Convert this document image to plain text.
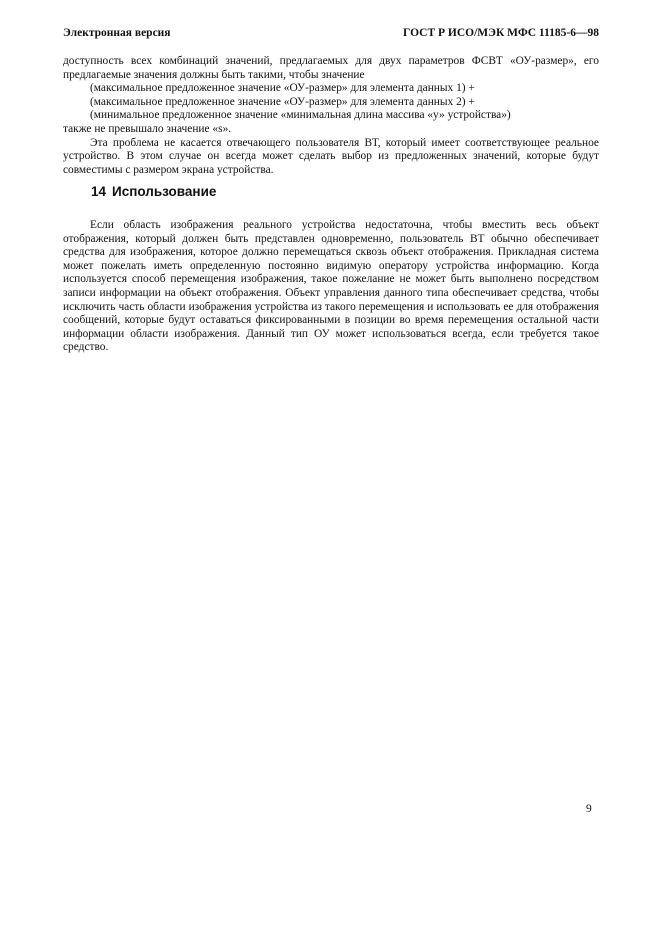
Электронная версия	ГОСТ Р ИСО/МЭК МФС 11185-6—98

доступность всех комбинаций значений, предлагаемых для двух параметров ФСВТ «ОУ-размер», его предлагаемые значения должны быть такими, чтобы значение

(максимальное предложенное значение «ОУ-размер» для элемента данных 1) +

(максимальное предложенное значение «ОУ-размер» для элемента данных 2) +

(минимальное предложенное значение «минимальная длина массива «у» устройства»)

также не превышало значение «s».

Эта проблема не касается отвечающего пользователя ВТ, который имеет соответствующее реальное устройство. В этом случае он всегда может сделать выбор из предложенных значений, которые будут совместимы с размером экрана устройства.

14 Использование

Если область изображения реального устройства недостаточна, чтобы вместить весь объект отображения, который должен быть представлен одновременно, пользователь ВТ обычно обеспечивает средства для изображения, которое должно перемещаться сквозь объект отображения. Прикладная система может пожелать иметь определенную постоянно видимую оператору устройства информацию. Когда используется способ перемещения изображения, такое пожелание не может быть выполнено посредством записи информации на объект отображения. Объект управления данного типа обеспечивает средства, чтобы исключить часть области изображения устройства из такого перемещения и использовать ее для отображения сообщений, которые будут оставаться фиксированными в позиции во время перемещения остальной части информации области изображения. Данный тип ОУ может использоваться всегда, если требуется такое средство.

9
